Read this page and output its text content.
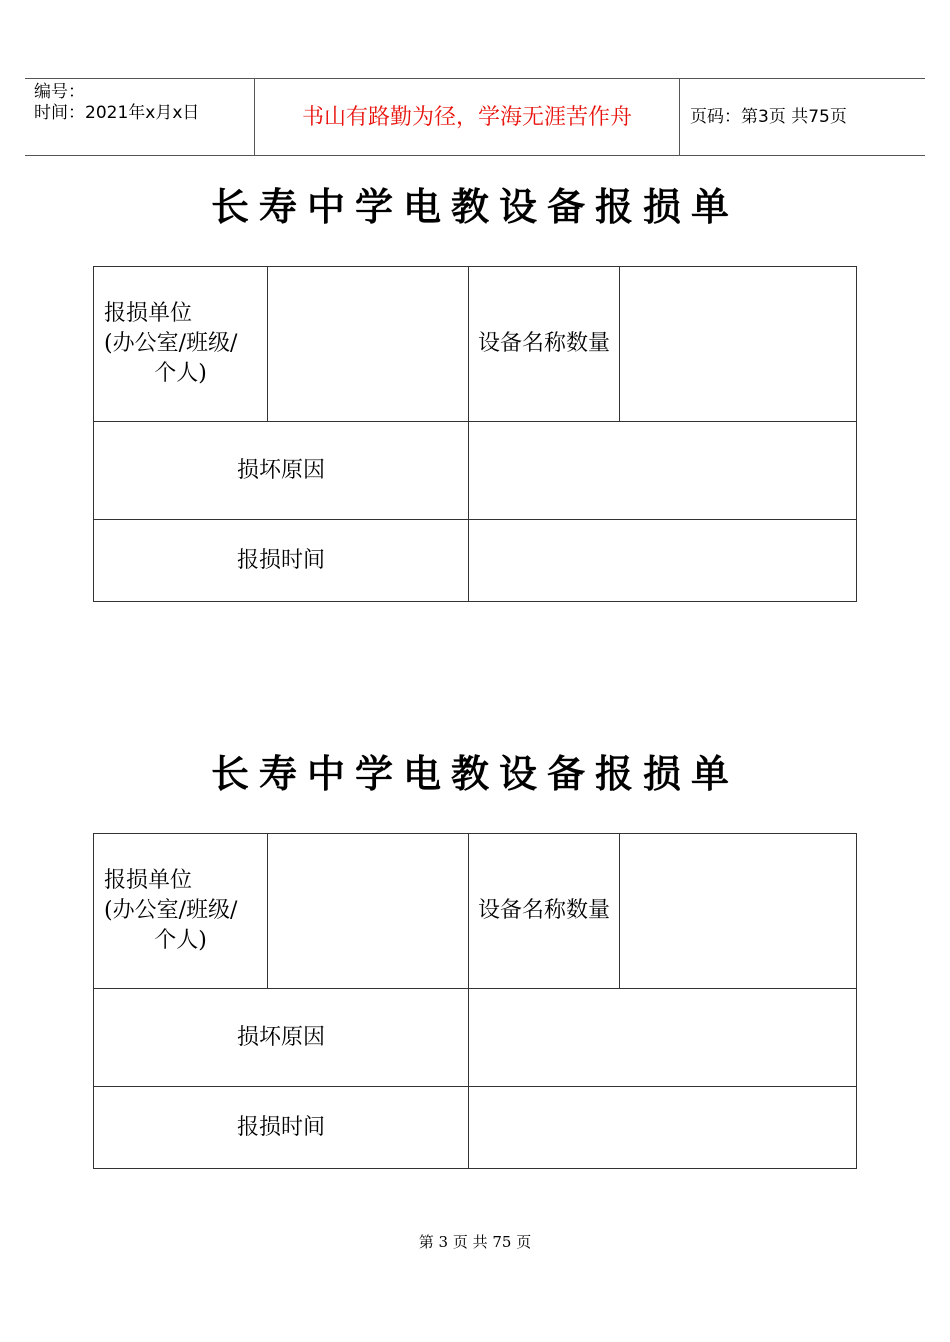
编号：
时间：2021年x月x日	书山有路勤为径，学海无涯苦作舟	页码：第3页 共75页
长寿中学电教设备报损单
报损单位
(办公室/班级/
个人)		设备名称数量	
损坏原因			
报损时间			
长寿中学电教设备报损单
报损单位
(办公室/班级/
个人)		设备名称数量	
损坏原因			
报损时间			
第 3 页 共 75 页
